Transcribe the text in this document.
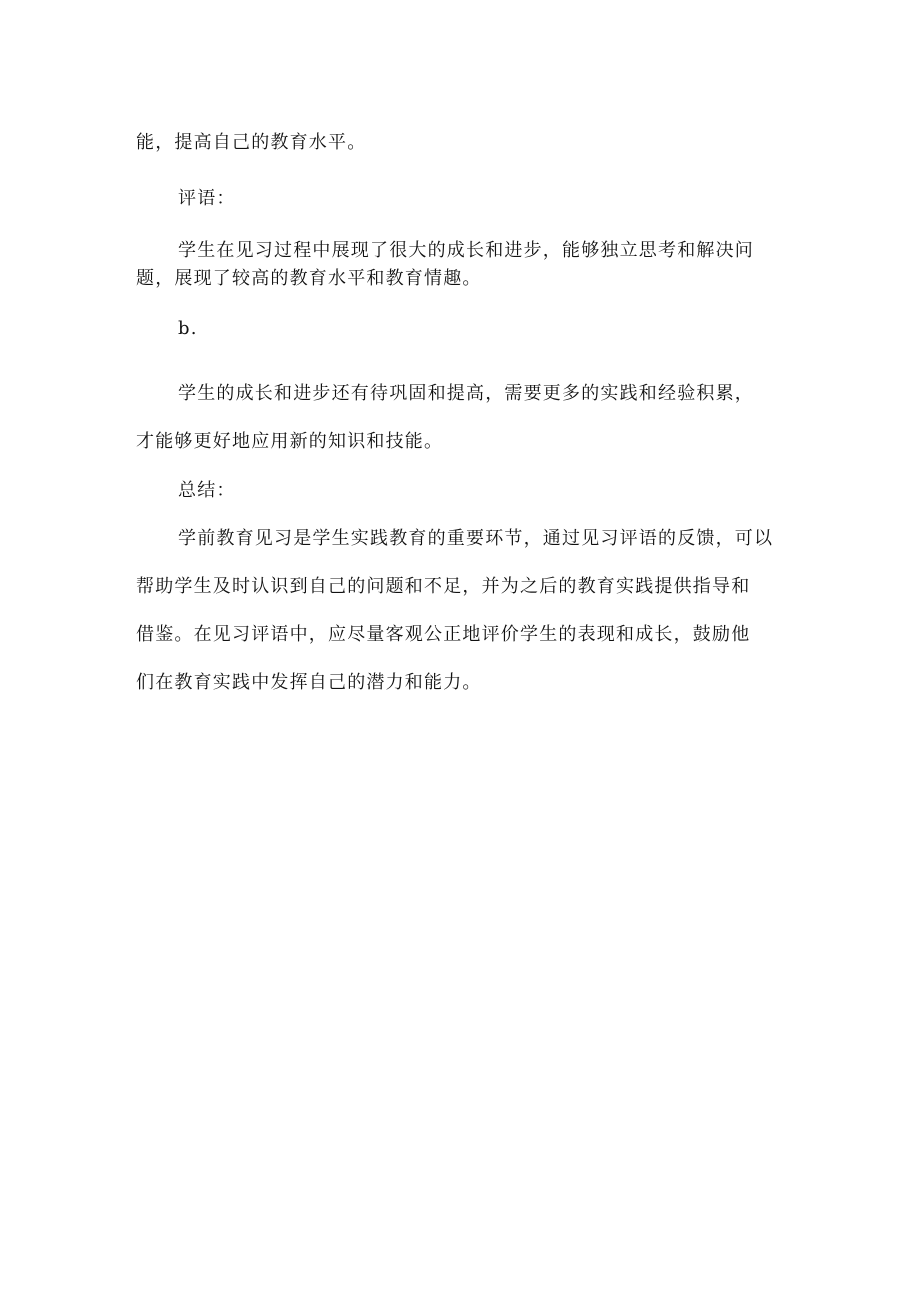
能，提高自己的教育水平。
评语：
学生在见习过程中展现了很大的成长和进步，能够独立思考和解决问
题，展现了较高的教育水平和教育情趣。
b.
学生的成长和进步还有待巩固和提高，需要更多的实践和经验积累，
才能够更好地应用新的知识和技能。
总结：
学前教育见习是学生实践教育的重要环节，通过见习评语的反馈，可以
帮助学生及时认识到自己的问题和不足，并为之后的教育实践提供指导和
借鉴。在见习评语中，应尽量客观公正地评价学生的表现和成长，鼓励他
们在教育实践中发挥自己的潜力和能力。
